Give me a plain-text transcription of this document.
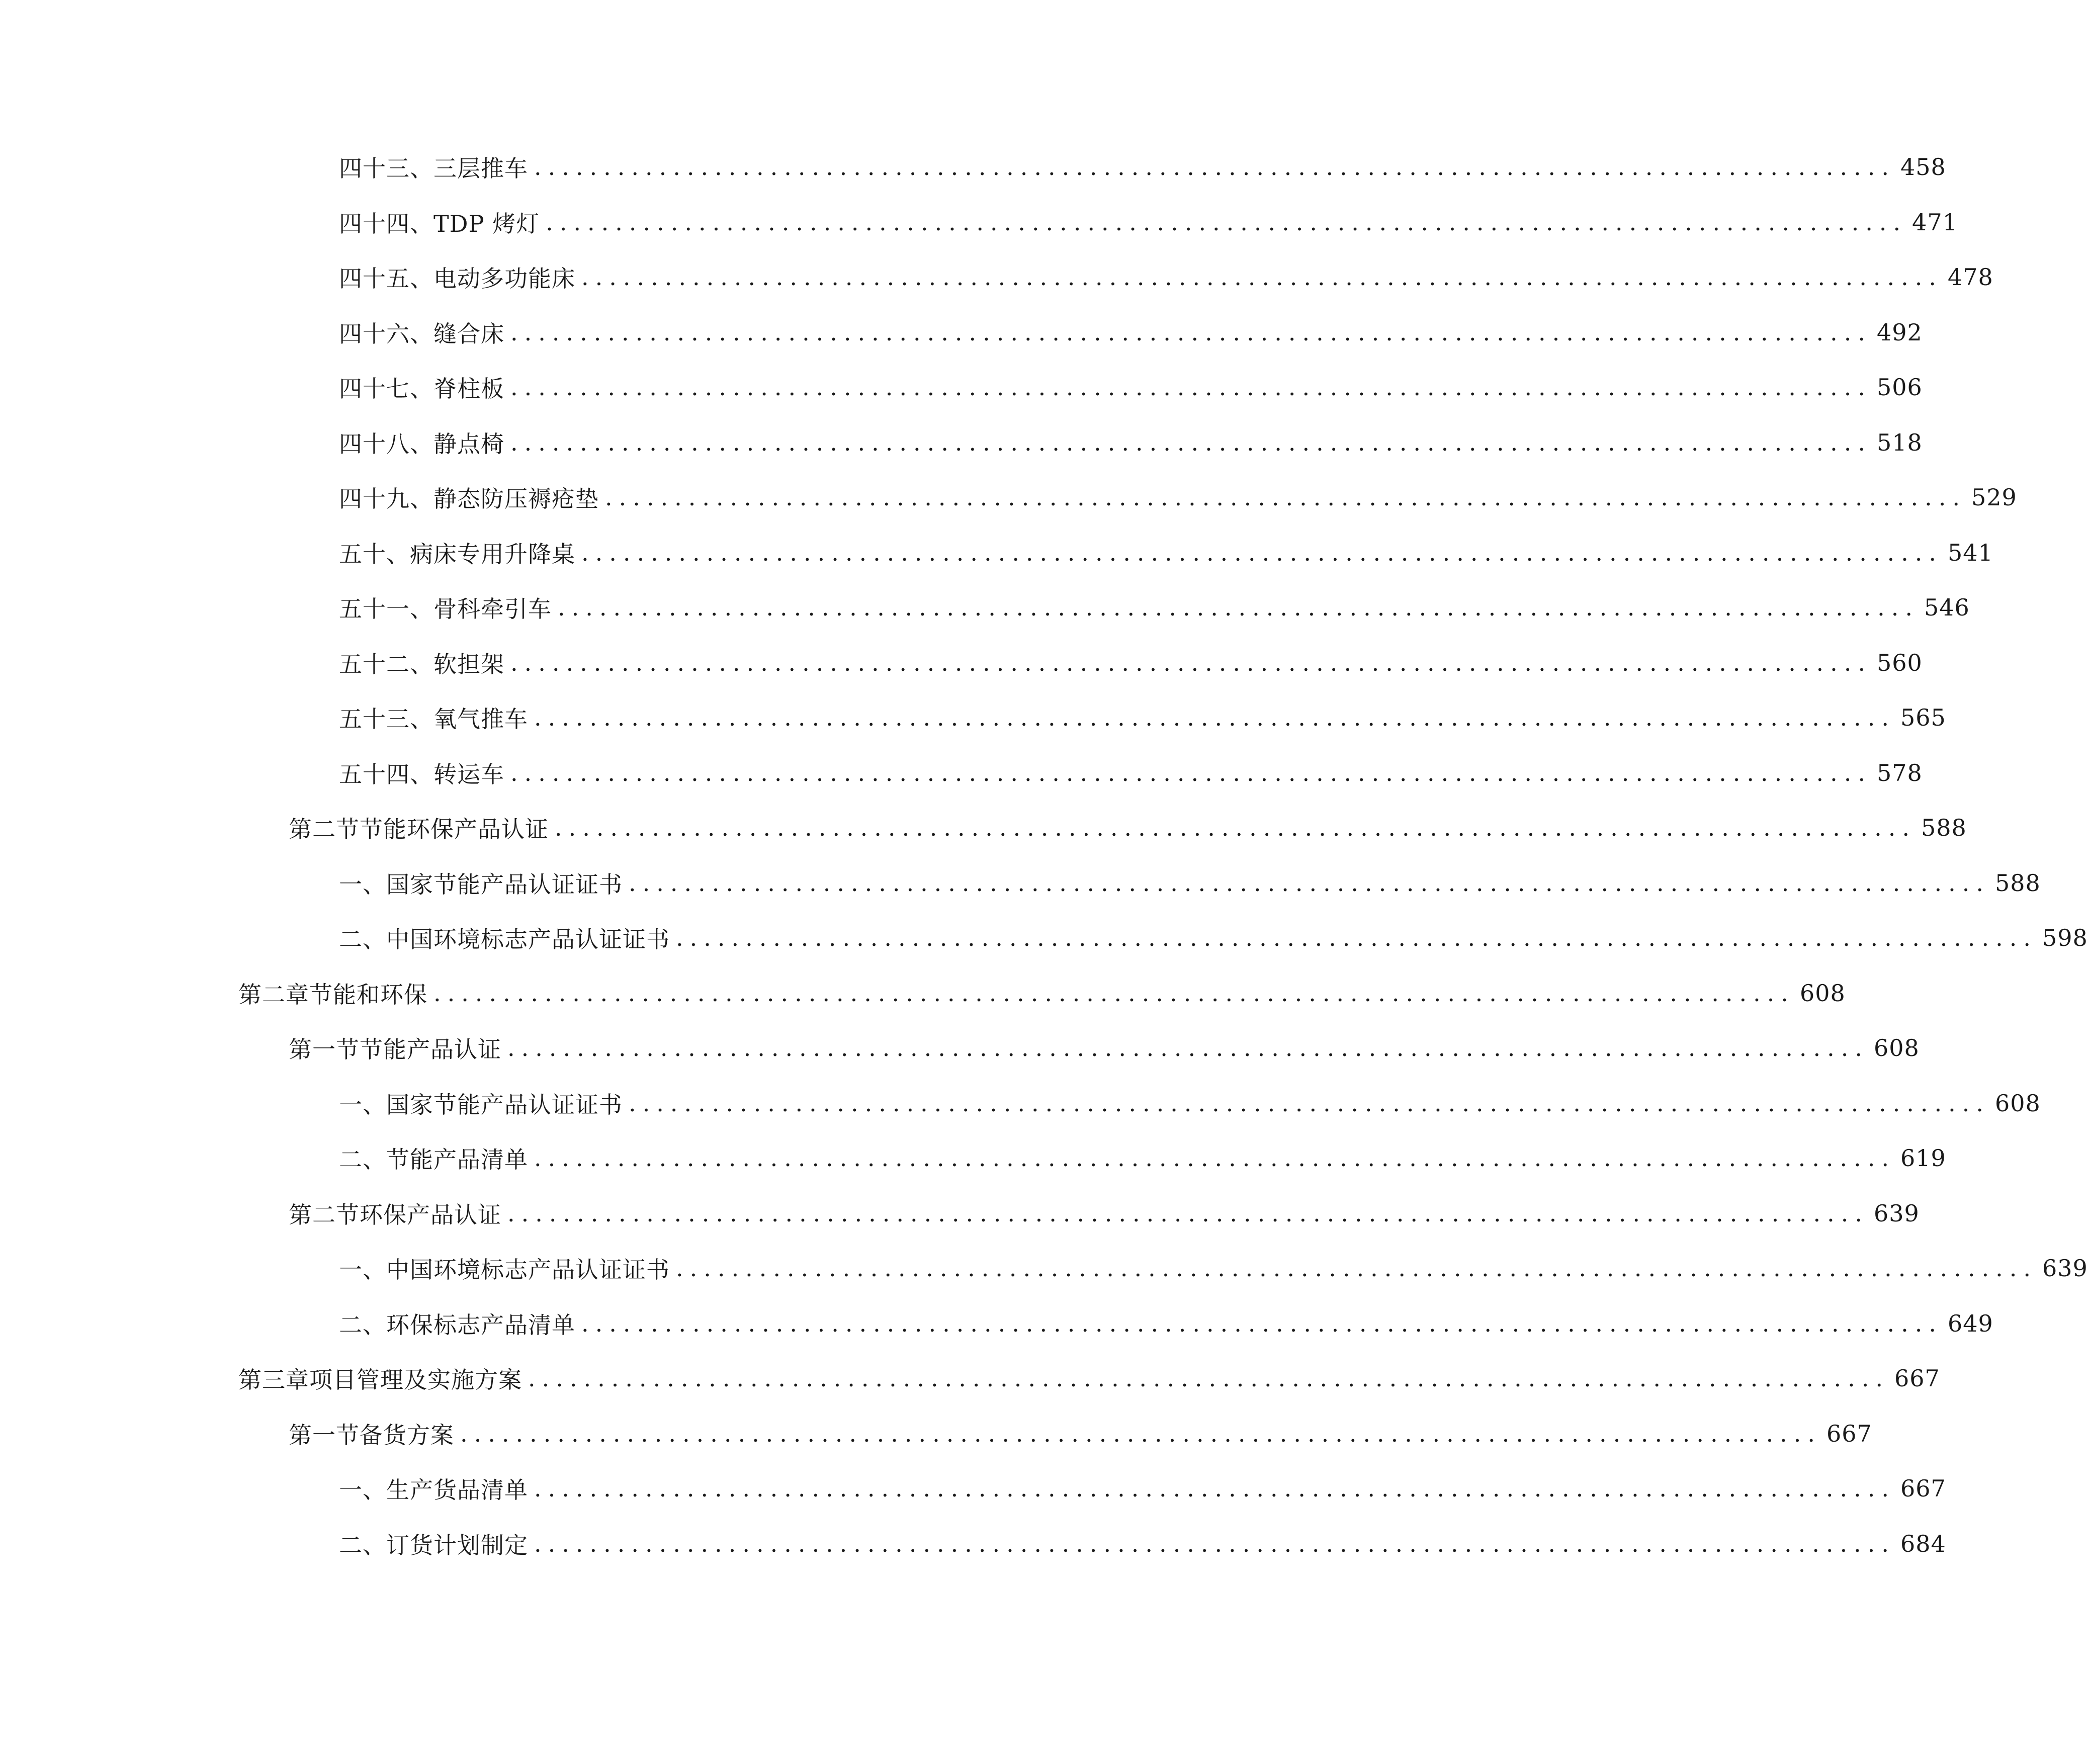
四十三、 三层推车 .................................................................................................. 458
四十四、 TDP 烤灯 .................................................................................................. 471
四十五、 电动多功能床 .................................................................................................. 478
四十六、 缝合床 .................................................................................................. 492
四十七、 脊柱板 .................................................................................................. 506
四十八、 静点椅 .................................................................................................. 518
四十九、 静态防压褥疮垫 .................................................................................................. 529
五十、 病床专用升降桌 .................................................................................................. 541
五十一、 骨科牵引车 .................................................................................................. 546
五十二、 软担架 .................................................................................................. 560
五十三、 氧气推车 .................................................................................................. 565
五十四、 转运车 .................................................................................................. 578
第二节 节能环保产品认证 .................................................................................................. 588
一、 国家节能产品认证证书 .................................................................................................. 588
二、 中国环境标志产品认证证书 .................................................................................................. 598
第二章 节能和环保 .................................................................................................. 608
第一节 节能产品认证 .................................................................................................. 608
一、 国家节能产品认证证书 .................................................................................................. 608
二、 节能产品清单 .................................................................................................. 619
第二节 环保产品认证 .................................................................................................. 639
一、 中国环境标志产品认证证书 .................................................................................................. 639
二、 环保标志产品清单 .................................................................................................. 649
第三章 项目管理及实施方案 .................................................................................................. 667
第一节 备货方案 .................................................................................................. 667
一、 生产货品清单 .................................................................................................. 667
二、 订货计划制定 .................................................................................................. 684
